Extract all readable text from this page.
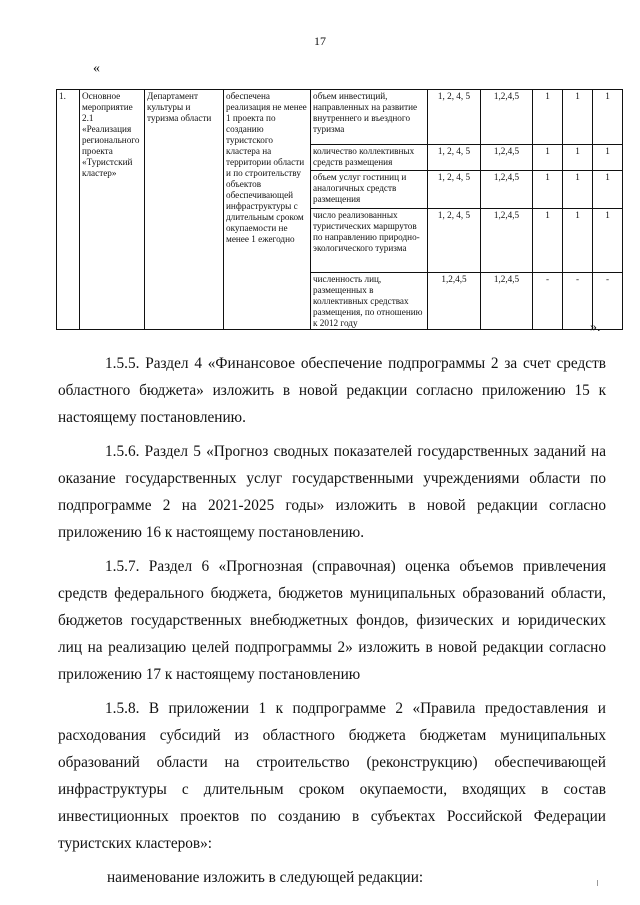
17
«
1.	Основное мероприятие 2.1 «Реализация регионального проекта «Туристский кластер»	Департамент культуры и туризма области	обеспечена реализация не менее 1 проекта по созданию туристского кластера на территории области и по строительству объектов обеспечивающей инфраструктуры с длительным сроком окупаемости не менее 1 ежегодно	объем инвестиций, направленных на развитие внутреннего и въездного туризма	1, 2, 4, 5	1,2,4,5	1	1	1
				количество коллективных средств размещения	1, 2, 4, 5	1,2,4,5	1	1	1
				объем услуг гостиниц и аналогичных средств размещения	1, 2, 4, 5	1,2,4,5	1	1	1
				число реализованных туристических маршрутов по направлению природно-экологического туризма	1, 2, 4, 5	1,2,4,5	1	1	1
				численность лиц, размещенных в коллективных средствах размещения, по отношению к 2012 году	1,2,4,5	1,2,4,5	-	-	-
».

1.5.5. Раздел 4 «Финансовое обеспечение подпрограммы 2 за счет средств областного бюджета» изложить в новой редакции согласно приложению 15 к настоящему постановлению.

1.5.6. Раздел 5 «Прогноз сводных показателей государственных заданий на оказание государственных услуг государственными учреждениями области по подпрограмме 2 на 2021-2025 годы» изложить в новой редакции согласно приложению 16 к настоящему постановлению.

1.5.7. Раздел 6 «Прогнозная (справочная) оценка объемов привлечения средств федерального бюджета, бюджетов муниципальных образований области, бюджетов государственных внебюджетных фондов, физических и юридических лиц на реализацию целей подпрограммы 2» изложить в новой редакции согласно приложению 17 к настоящему постановлению

1.5.8. В приложении 1 к подпрограмме 2 «Правила предоставления и расходования субсидий из областного бюджета бюджетам муниципальных образований области на строительство (реконструкцию) обеспечивающей инфраструктуры с длительным сроком окупаемости, входящих в состав инвестиционных проектов по созданию в субъектах Российской Федерации туристских кластеров»:

наименование изложить в следующей редакции:
